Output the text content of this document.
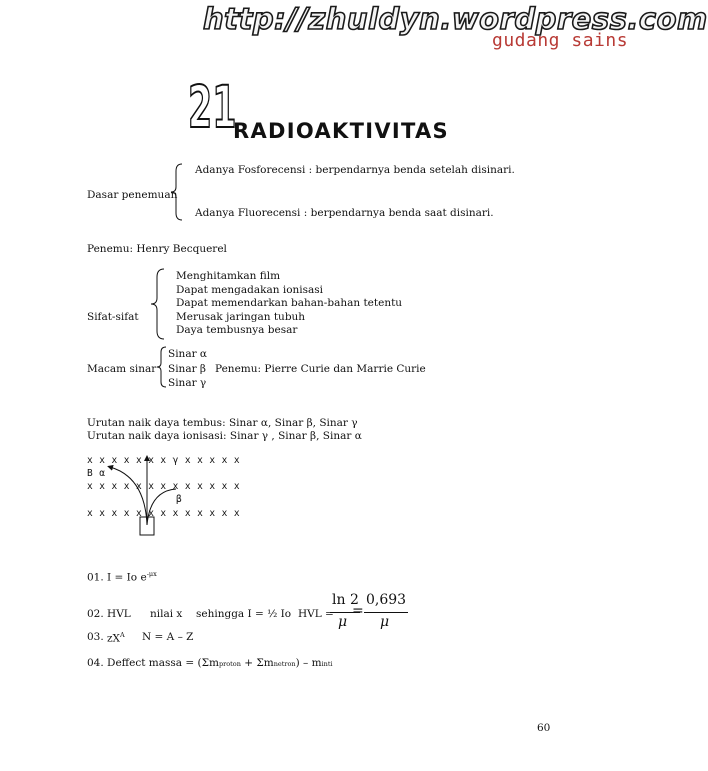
http://zhuldyn.wordpress.com
gudang sains
21
RADIOAKTIVITAS
Dasar penemuan
Adanya Fosforecensi : berpendarnya benda setelah disinari.
Adanya Fluorecensi : berpendarnya benda saat disinari.
Penemu: Henry Becquerel
Sifat-sifat
Menghitamkan film
Dapat mengadakan ionisasi
Dapat memendarkan bahan-bahan tetentu
Merusak jaringan tubuh
Daya tembusnya besar
Macam sinar
Sinar α
Sinar β
Sinar γ
Penemu: Pierre Curie dan Marrie Curie
Urutan naik daya tembus: Sinar α, Sinar β, Sinar γ
Urutan naik daya ionisasi: Sinar γ , Sinar β, Sinar α
x x x x x x x γ x x x x x
B α
x x x x x x x x x x x x x
β
x x x x x x x x x x x x x
01. I = Io $e^{-\mu x}$
02. HVL nilai x sehingga I = ½ Io HVL =
ln 2
μ
=
0,693
μ
03. $zX^A$ N = A – Z
04. Deffect massa = (Σmproton + Σmnetron) – minti
60
